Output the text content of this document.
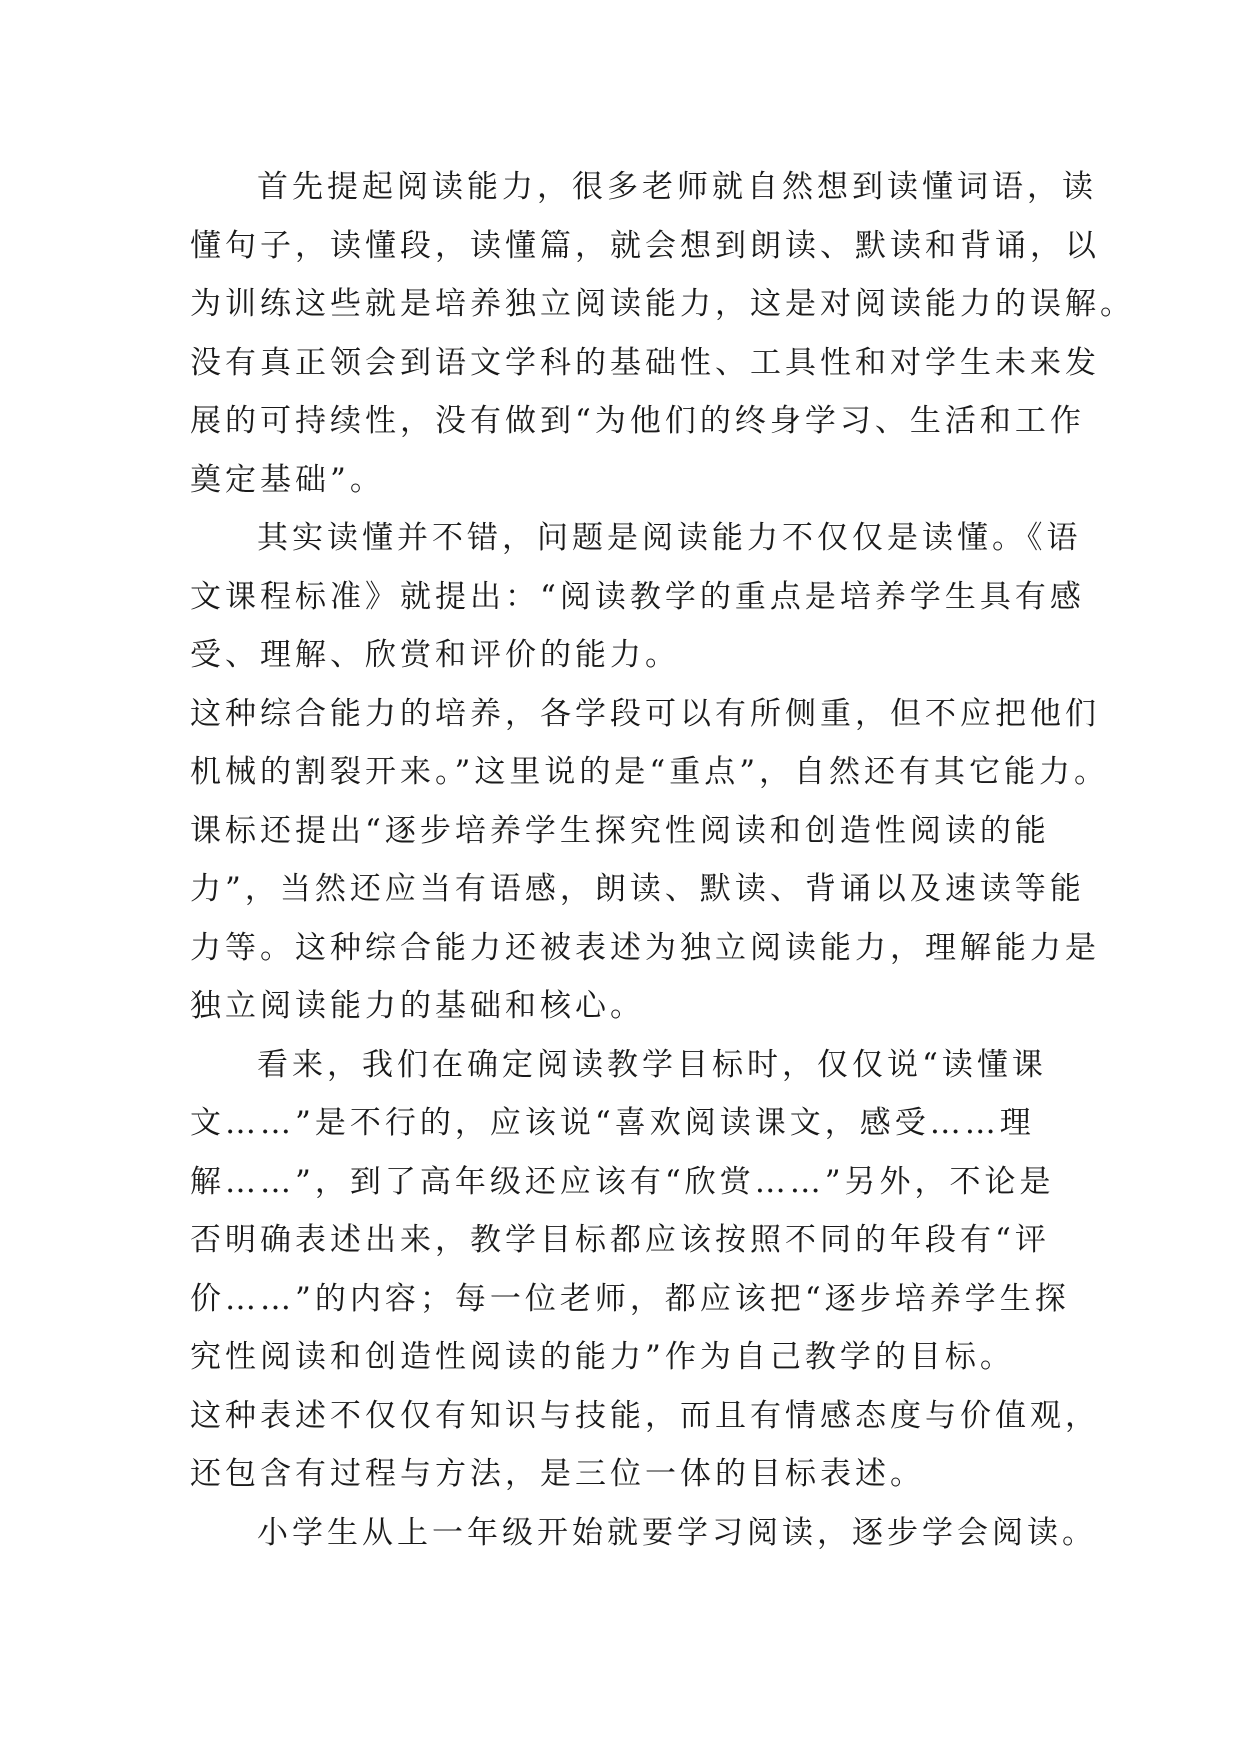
首先提起阅读能力，很多老师就自然想到读懂词语，读
懂句子，读懂段，读懂篇，就会想到朗读、默读和背诵，以
为训练这些就是培养独立阅读能力，这是对阅读能力的误解。
没有真正领会到语文学科的基础性、工具性和对学生未来发
展的可持续性，没有做到“为他们的终身学习、生活和工作
奠定基础”。
其实读懂并不错，问题是阅读能力不仅仅是读懂。《语
文课程标准》就提出：“阅读教学的重点是培养学生具有感
受、理解、欣赏和评价的能力。
这种综合能力的培养，各学段可以有所侧重，但不应把他们
机械的割裂开来。”这里说的是“重点”，自然还有其它能力。
课标还提出“逐步培养学生探究性阅读和创造性阅读的能
力”，当然还应当有语感，朗读、默读、背诵以及速读等能
力等。这种综合能力还被表述为独立阅读能力，理解能力是
独立阅读能力的基础和核心。
看来，我们在确定阅读教学目标时，仅仅说“读懂课
文……”是不行的，应该说“喜欢阅读课文，感受……理
解……”，到了高年级还应该有“欣赏……”另外，不论是
否明确表述出来，教学目标都应该按照不同的年段有“评
价……”的内容；每一位老师，都应该把“逐步培养学生探
究性阅读和创造性阅读的能力”作为自己教学的目标。
这种表述不仅仅有知识与技能，而且有情感态度与价值观，
还包含有过程与方法，是三位一体的目标表述。
小学生从上一年级开始就要学习阅读，逐步学会阅读。
